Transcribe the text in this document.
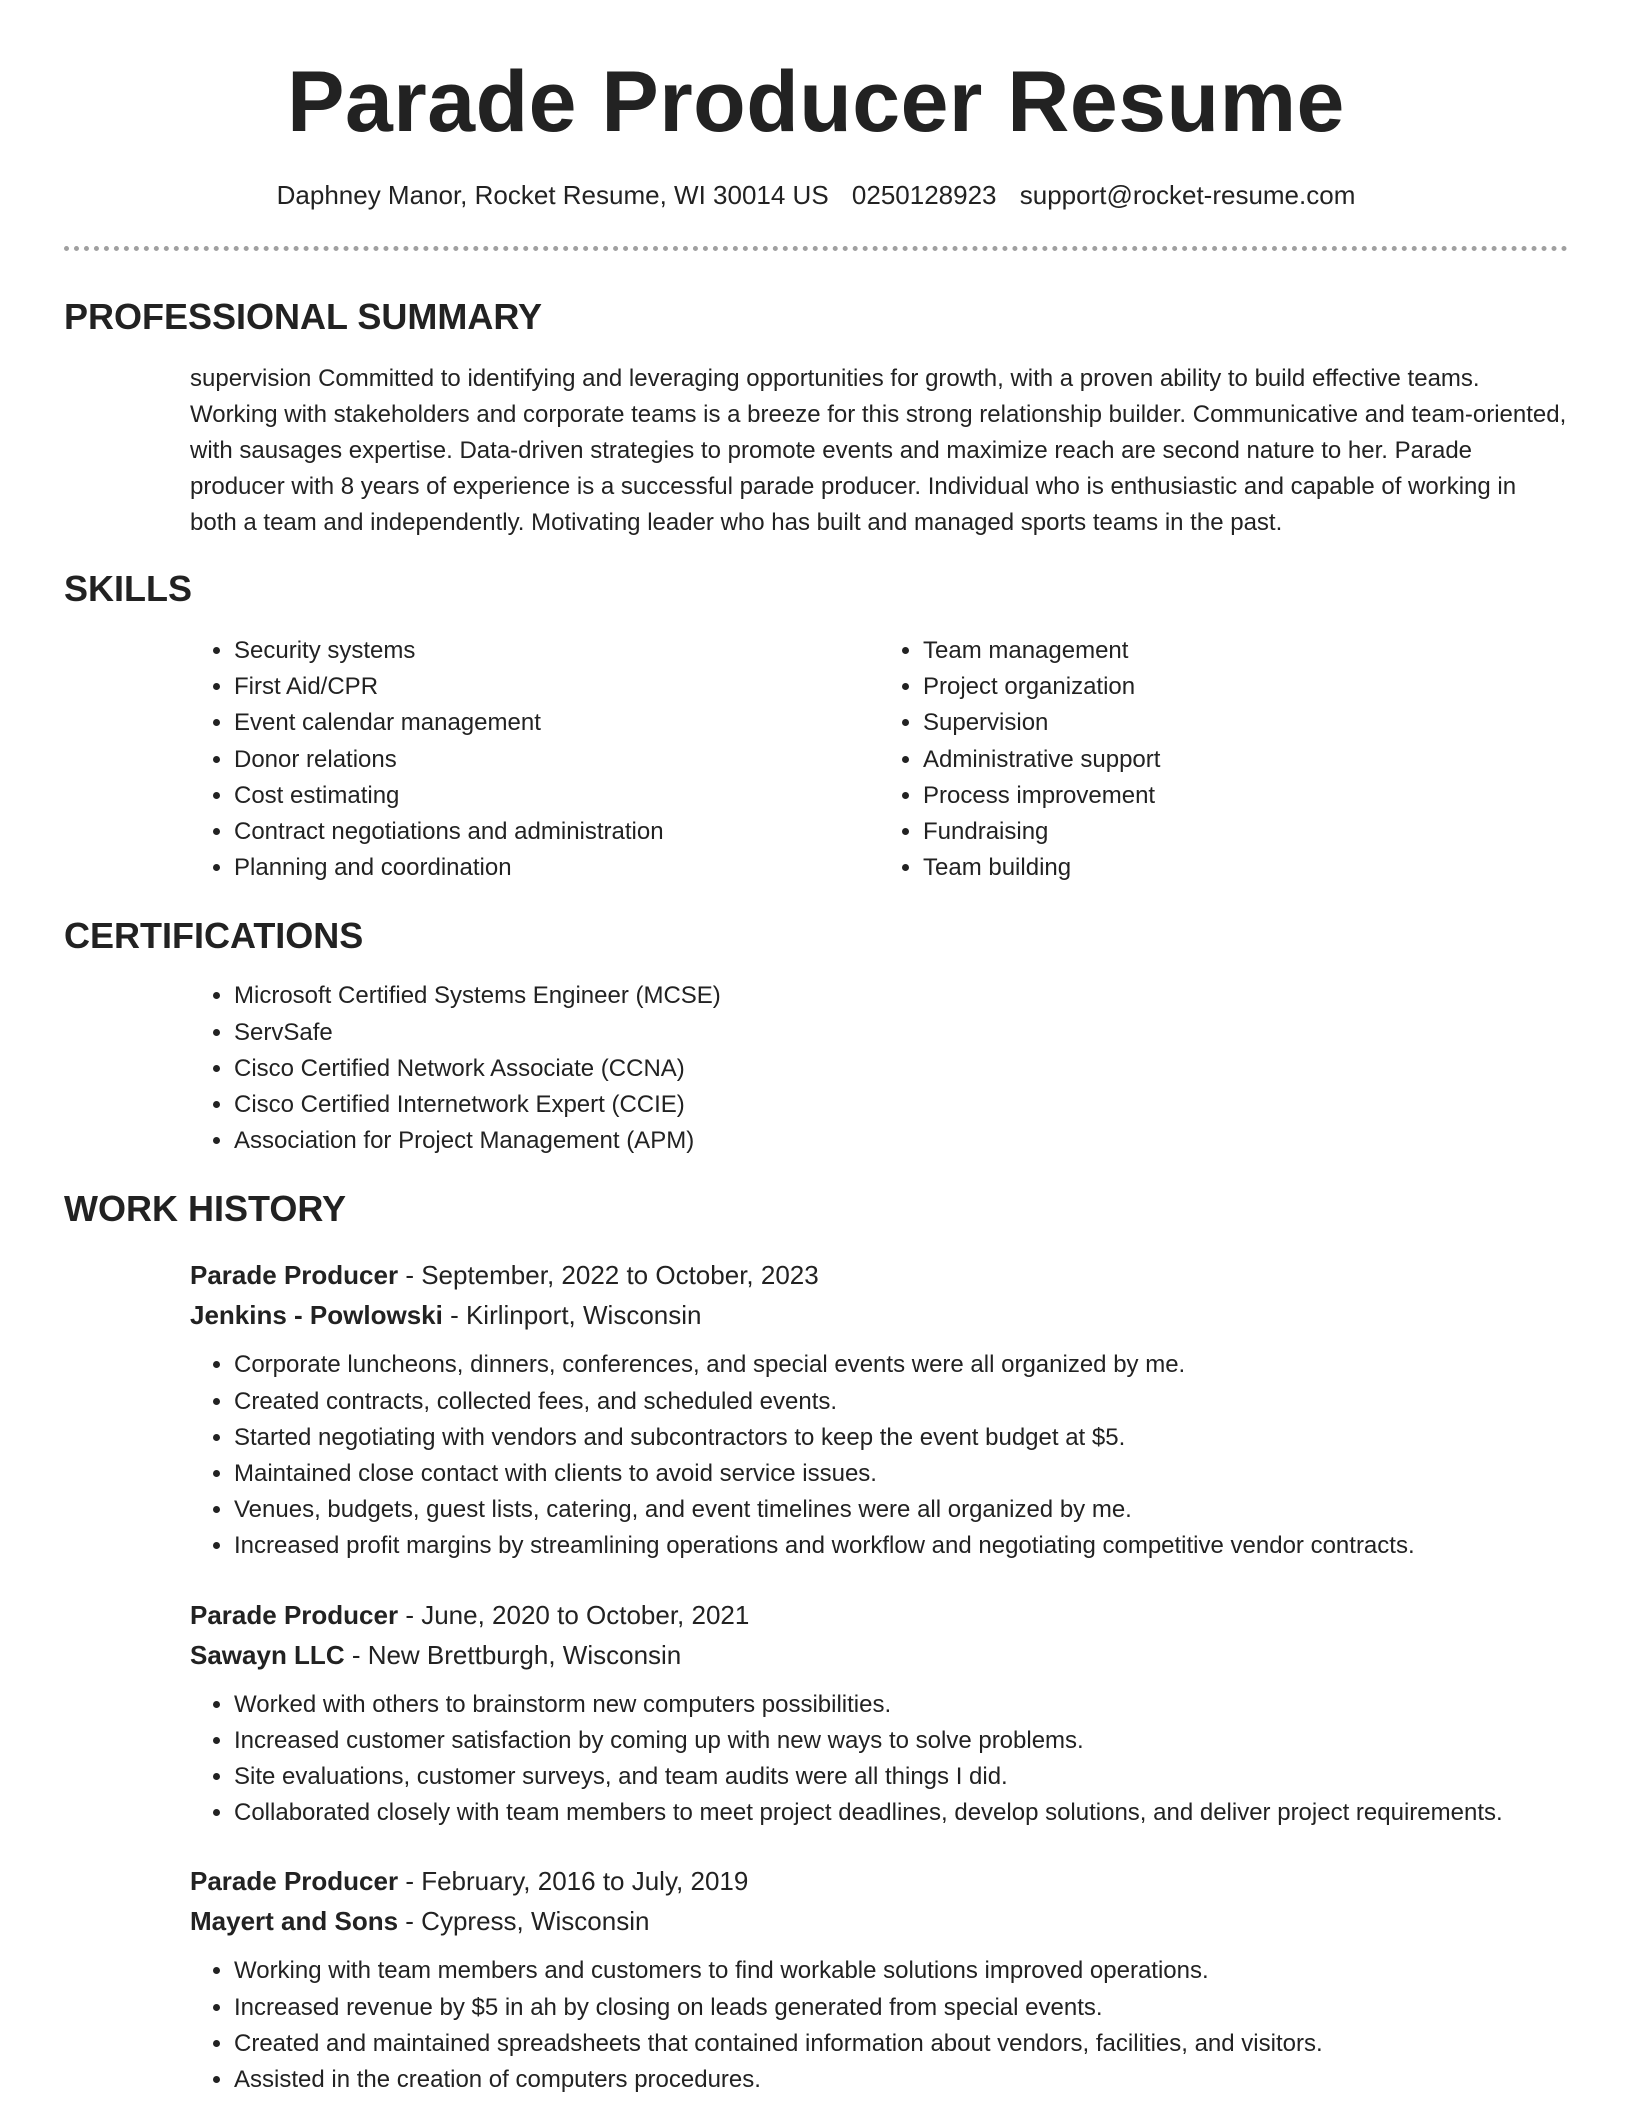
Parade Producer Resume
Daphney Manor, Rocket Resume, WI 30014 US 0250128923 support@rocket-resume.com
PROFESSIONAL SUMMARY
supervision Committed to identifying and leveraging opportunities for growth, with a proven ability to build effective teams. Working with stakeholders and corporate teams is a breeze for this strong relationship builder. Communicative and team-oriented, with sausages expertise. Data-driven strategies to promote events and maximize reach are second nature to her. Parade producer with 8 years of experience is a successful parade producer. Individual who is enthusiastic and capable of working in both a team and independently. Motivating leader who has built and managed sports teams in the past.
SKILLS
• Security systems
• First Aid/CPR
• Event calendar management
• Donor relations
• Cost estimating
• Contract negotiations and administration
• Planning and coordination
• Team management
• Project organization
• Supervision
• Administrative support
• Process improvement
• Fundraising
• Team building
CERTIFICATIONS
• Microsoft Certified Systems Engineer (MCSE)
• ServSafe
• Cisco Certified Network Associate (CCNA)
• Cisco Certified Internetwork Expert (CCIE)
• Association for Project Management (APM)
WORK HISTORY
Parade Producer - September, 2022 to October, 2023
Jenkins - Powlowski - Kirlinport, Wisconsin
• Corporate luncheons, dinners, conferences, and special events were all organized by me.
• Created contracts, collected fees, and scheduled events.
• Started negotiating with vendors and subcontractors to keep the event budget at $5.
• Maintained close contact with clients to avoid service issues.
• Venues, budgets, guest lists, catering, and event timelines were all organized by me.
• Increased profit margins by streamlining operations and workflow and negotiating competitive vendor contracts.
Parade Producer - June, 2020 to October, 2021
Sawayn LLC - New Brettburgh, Wisconsin
• Worked with others to brainstorm new computers possibilities.
• Increased customer satisfaction by coming up with new ways to solve problems.
• Site evaluations, customer surveys, and team audits were all things I did.
• Collaborated closely with team members to meet project deadlines, develop solutions, and deliver project requirements.
Parade Producer - February, 2016 to July, 2019
Mayert and Sons - Cypress, Wisconsin
• Working with team members and customers to find workable solutions improved operations.
• Increased revenue by $5 in ah by closing on leads generated from special events.
• Created and maintained spreadsheets that contained information about vendors, facilities, and visitors.
• Assisted in the creation of computers procedures.
